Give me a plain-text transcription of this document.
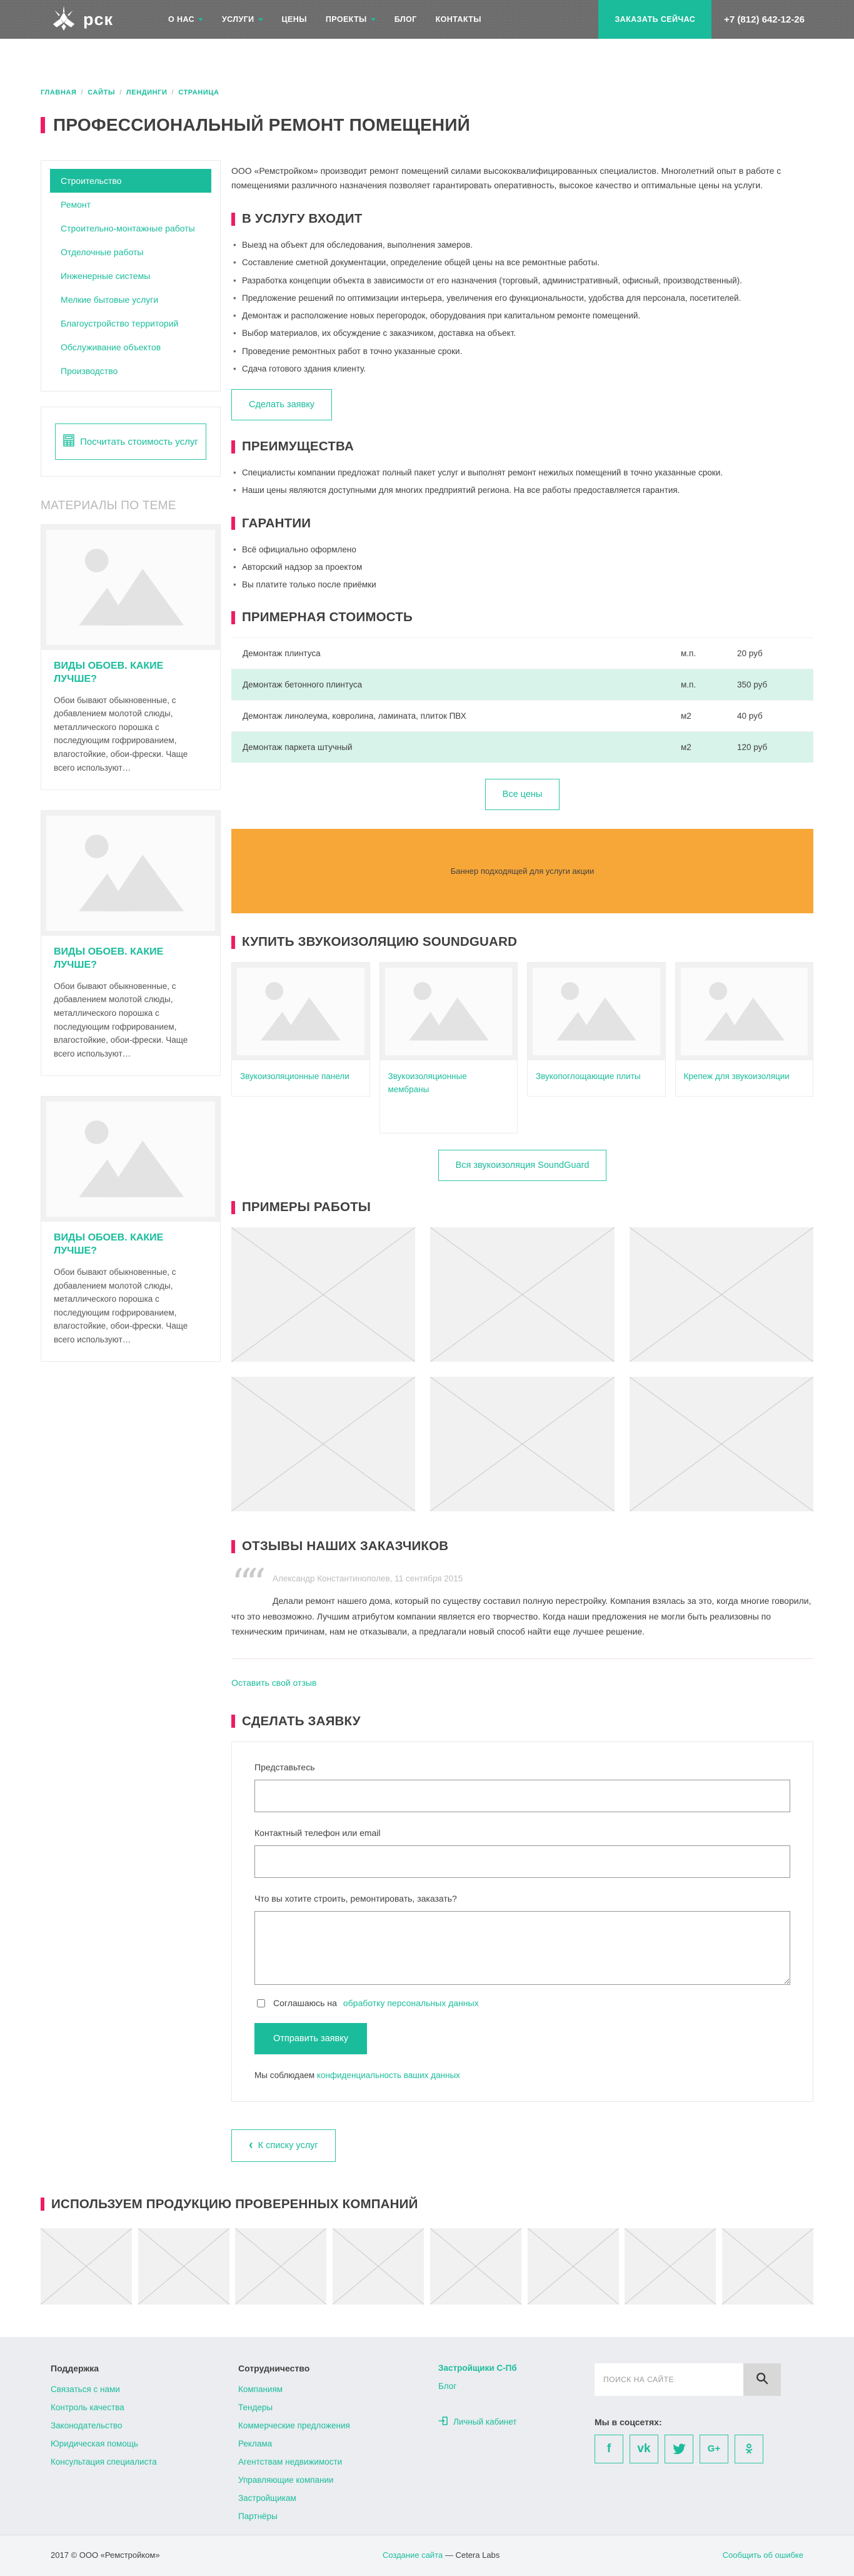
рск	О НАС	УСЛУГИ	ЦЕНЫ ПРОЕКТЫ	БЛОГ КОНТАКТЫ	ЗАКАЗАТЬ СЕЙЧАС	+7 (812) 642-12-26
ГЛАВНАЯ / САЙТЫ / ЛЕНДИНГИ / СТРАНИЦА
ПРОФЕССИОНАЛЬНЫЙ РЕМОНТ ПОМЕЩЕНИЙ
Строительство
Ремонт
Строительно-монтажные работы
Отделочные работы
Инженерные системы
Мелкие бытовые услуги
Благоустройство территорий
Обслуживание объектов
Производство
Посчитать стоимость услуг
МАТЕРИАЛЫ ПО ТЕМЕ
ВИДЫ ОБОЕВ. КАКИЕ ЛУЧШЕ?

Обои бывают обыкновенные, с добавлением молотой слюды, металлического порошка с последующим гофрированием, влагостойкие, обои-фрески. Чаще всего используют…

ВИДЫ ОБОЕВ. КАКИЕ ЛУЧШЕ?

Обои бывают обыкновенные, с добавлением молотой слюды, металлического порошка с последующим гофрированием, влагостойкие, обои-фрески. Чаще всего используют…

ВИДЫ ОБОЕВ. КАКИЕ ЛУЧШЕ?

Обои бывают обыкновенные, с добавлением молотой слюды, металлического порошка с последующим гофрированием, влагостойкие, обои-фрески. Чаще всего используют…

ООО «Ремстройком» производит ремонт помещений силами высококвалифицированных специалистов. Многолетний опыт в работе с помещениями различного назначения позволяет гарантировать оперативность, высокое качество и оптимальные цены на услуги.

В УСЛУГУ ВХОДИТ
• Выезд на объект для обследования, выполнения замеров.
• Составление сметной документации, определение общей цены на все ремонтные работы.
• Разработка концепции объекта в зависимости от его назначения (торговый, административный, офисный, производственный).
• Предложение решений по оптимизации интерьера, увеличения его функциональности, удобства для персонала, посетителей.
• Демонтаж и расположение новых перегородок, оборудования при капитальном ремонте помещений.
• Выбор материалов, их обсуждение с заказчиком, доставка на объект.
• Проведение ремонтных работ в точно указанные сроки.
• Сдача готового здания клиенту.
Сделать заявку
ПРЕИМУЩЕСТВА
• Специалисты компании предложат полный пакет услуг и выполнят ремонт нежилых помещений в точно указанные сроки.
• Наши цены являются доступными для многих предприятий региона. На все работы предоставляется гарантия.
ГАРАНТИИ
• Всё официально оформлено
• Авторский надзор за проектом
• Вы платите только после приёмки
ПРИМЕРНАЯ СТОИМОСТЬ
Демонтаж плинтуса	м.п.	20 руб
Демонтаж бетонного плинтуса	м.п.	350 руб
Демонтаж линолеума, ковролина, ламината, плиток ПВХ	м2	40 руб
Демонтаж паркета штучный	м2	120 руб
Все цены
Баннер подходящей для услуги акции
КУПИТЬ ЗВУКОИЗОЛЯЦИЮ SOUNDGUARD
Звукоизоляционные панели	Звукоизоляционные мембраны
Звукопоглощающие плиты	Крепеж для звукоизоляции
Вся звукоизоляция SoundGuard
ПРИМЕРЫ РАБОТЫ
ОТЗЫВЫ НАШИХ ЗАКАЗЧИКОВ
““	Александр Константинополев, 11 сентября 2015

Делали ремонт нашего дома, который по существу составил полную перестройку. Компания взялась за это, когда многие говорили, что это невозможно. Лучшим атрибутом компании является его творчество. Когда наши предложения не могли быть реализовны по техническим причинам, нам не отказывали, а предлагали новый способ найти еще лучшее решение.

Оставить свой отзыв
СДЕЛАТЬ ЗАЯВКУ
Представьтесь
Контактный телефон или email
Что вы хотите строить, ремонтировать, заказать?
Соглашаюсь на обработку персональных данных
Отправить заявку
Мы соблюдаем конфиденциальность ваших данных
‹ К списку услуг
ИСПОЛЬЗУЕМ ПРОДУКЦИЮ ПРОВЕРЕННЫХ КОМПАНИЙ
Поддержка
Связаться с нами
Контроль качества
Законодательство
Юридическая помощь
Консультация специалиста
Сотрудничество
Компаниям
Тендеры
Коммерческие предложения
Реклама
Агентствам недвижимости
Управляющие компании
Застройщикам
Партнёры
Застройщики С-Пб
Блог
Личный кабинет
ПОИСК НА САЙТЕ	Мы в соцсетях:
f vk	G+
2017 © ООО «Ремстройком»	Создание сайта — Cetera Labs	Сообщить об ошибке
